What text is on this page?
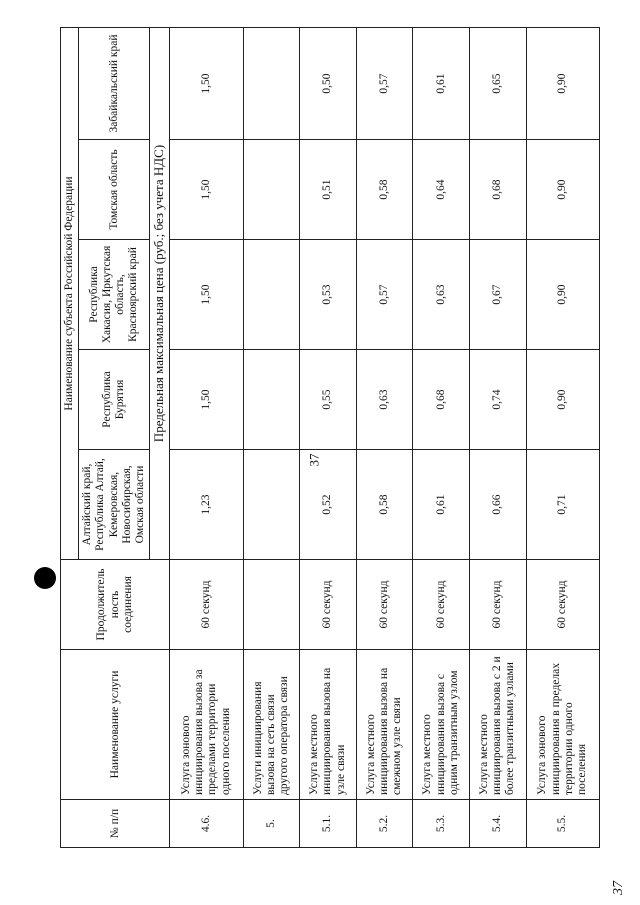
37
№ п/п	Наименование услуги	Продолжитель ность соединения	Наименование субъекта Российской Федерации				
			Алтайский край, Республика Алтай, Кемеровская, Новосибирская, Омская области	Республика Бурятия	Республика Хакасия, Иркутская область, Красноярский край	Томская область	Забайкальский край
			Предельная максимальная цена (руб.; без учета НДС)				
4.6.	Услуга зонового инициирования вызова за пределами территории одного поселения	60 секунд	1,23	1,50	1,50	1,50	1,50
5.	Услуги инициирования вызова на сеть связи другого оператора связи						
5.1.	Услуга местного инициирования вызова на узле связи	60 секунд	0,52	0,55	0,53	0,51	0,50
5.2.	Услуга местного инициирования вызова на смежном узле связи	60 секунд	0,58	0,63	0,57	0,58	0,57
5.3.	Услуга местного инициирования вызова с одним транзитным узлом	60 секунд	0,61	0,68	0,63	0,64	0,61
5.4.	Услуга местного инициирования вызова с 2 и более транзитными узлами	60 секунд	0,66	0,74	0,67	0,68	0,65
5.5.	Услуга зонового инициирования в пределах территории одного поселения	60 секунд	0,71	0,90	0,90	0,90	0,90
37
